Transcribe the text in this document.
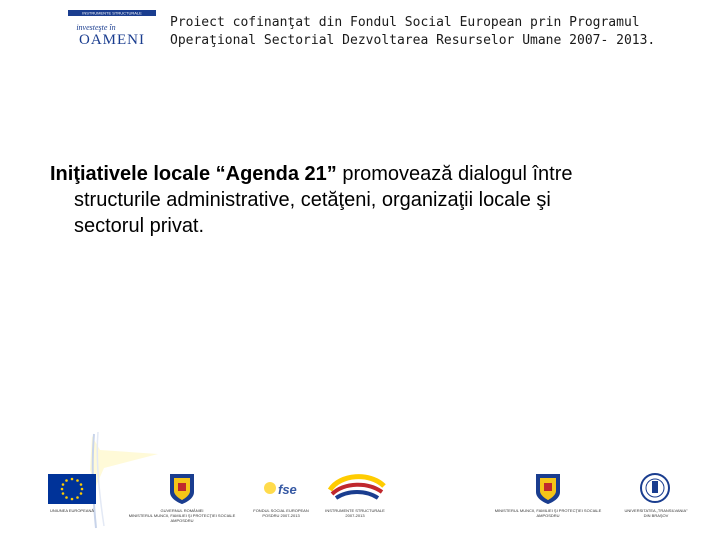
INSTRUMENTE STRUCTURALE
investeşte în
OAMENI
Proiect cofinanţat din Fondul Social European prin Programul
Operaţional Sectorial Dezvoltarea Resurselor Umane 2007- 2013.
Iniţiativele locale “Agenda 21” promovează dialogul între
structurile administrative, cetăţeni, organizaţii locale şi
sectorul privat.
fse
UNIUNEA EUROPEANĂ	GUVERNUL ROMÂNIEI
MINISTERUL MUNCII, FAMILIEI ŞI PROTECŢIEI SOCIALE
AMPOSDRU
FONDUL SOCIAL EUROPEAN
POSDRU 2007-2013
INSTRUMENTE STRUCTURALE
2007-2013
MINISTERUL MUNCII, FAMILIEI ŞI PROTECŢIEI SOCIALE
AMPOSDRU
UNIVERSITATEA „TRANSILVANIA”
DIN BRAŞOV
